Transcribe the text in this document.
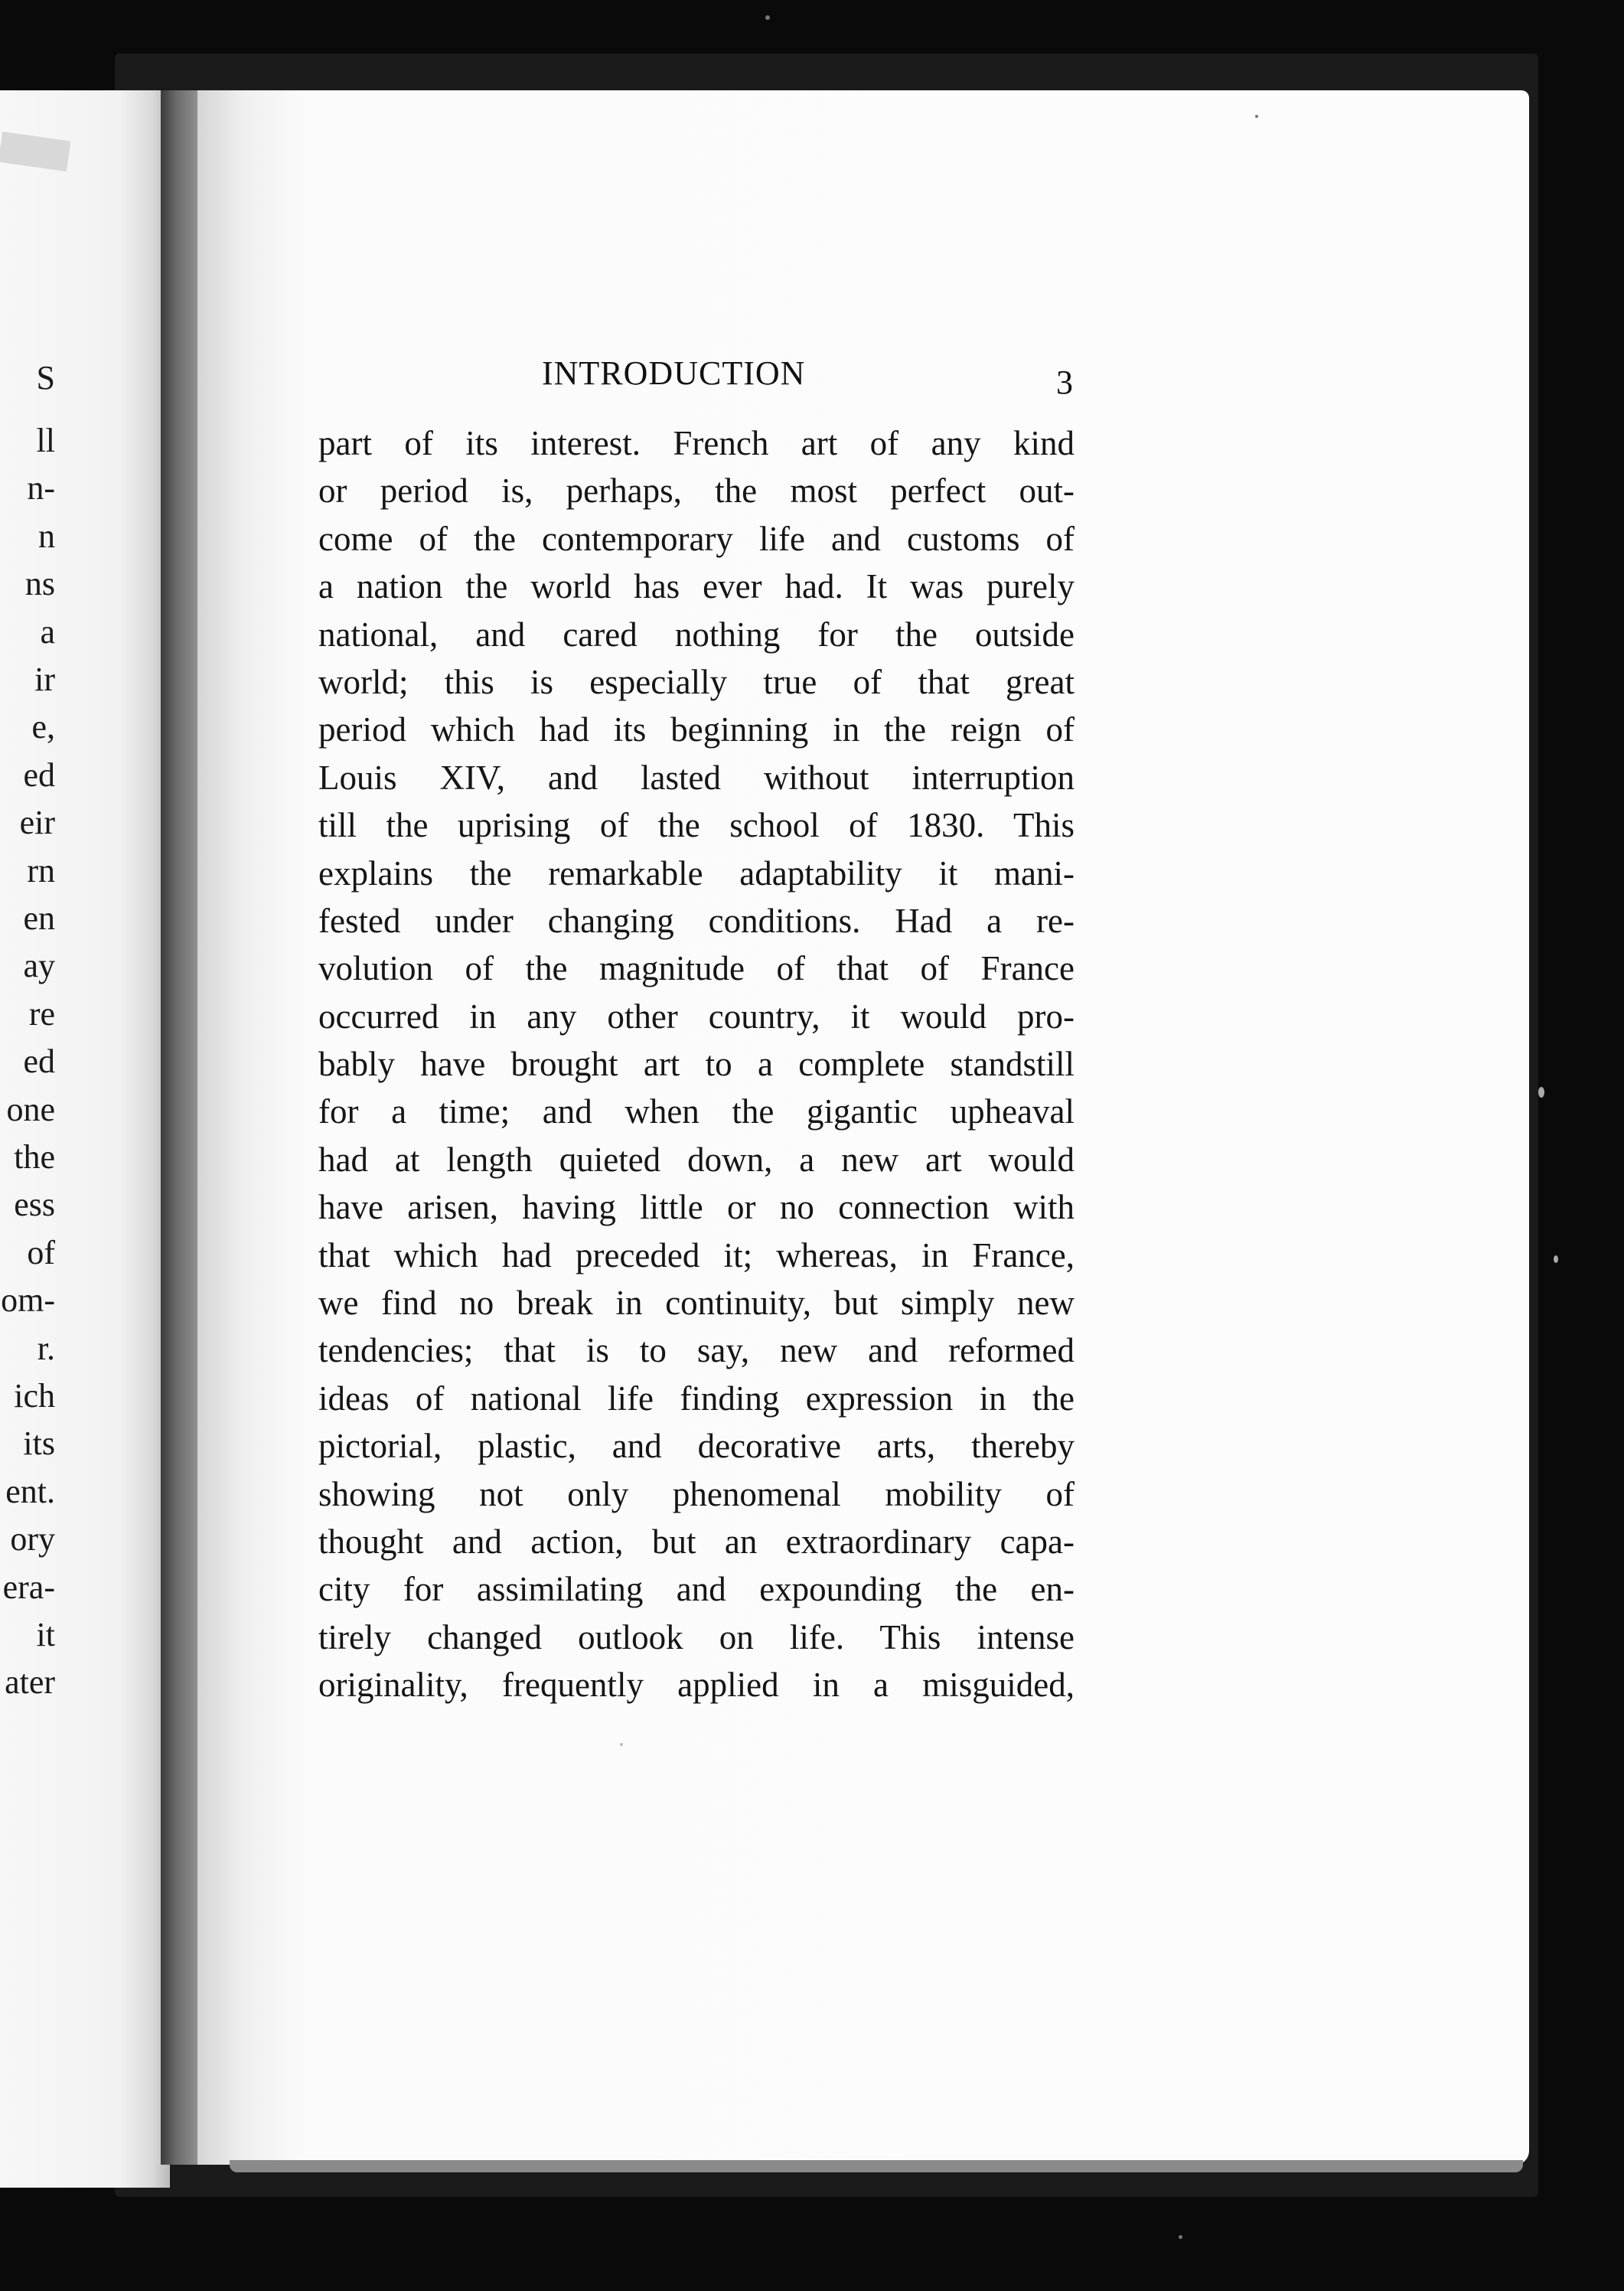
S
ll
n-
n
ns
a
ir
e,
ed
eir
rn
en
ay
re
ed
one
the
ess
of
om-
r.
ich
its
ent.
ory
era-
it
ater
INTRODUCTION	3
part of its interest. French art of any kind
or period is, perhaps, the most perfect out-
come of the contemporary life and customs of
a nation the world has ever had. It was purely
national, and cared nothing for the outside
world; this is especially true of that great
period which had its beginning in the reign of
Louis XIV, and lasted without interruption
till the uprising of the school of 1830. This
explains the remarkable adaptability it mani-
fested under changing conditions. Had a re-
volution of the magnitude of that of France
occurred in any other country, it would pro-
bably have brought art to a complete standstill
for a time; and when the gigantic upheaval
had at length quieted down, a new art would
have arisen, having little or no connection with
that which had preceded it; whereas, in France,
we find no break in continuity, but simply new
tendencies; that is to say, new and reformed
ideas of national life finding expression in the
pictorial, plastic, and decorative arts, thereby
showing not only phenomenal mobility of
thought and action, but an extraordinary capa-
city for assimilating and expounding the en-
tirely changed outlook on life. This intense
originality, frequently applied in a misguided,
